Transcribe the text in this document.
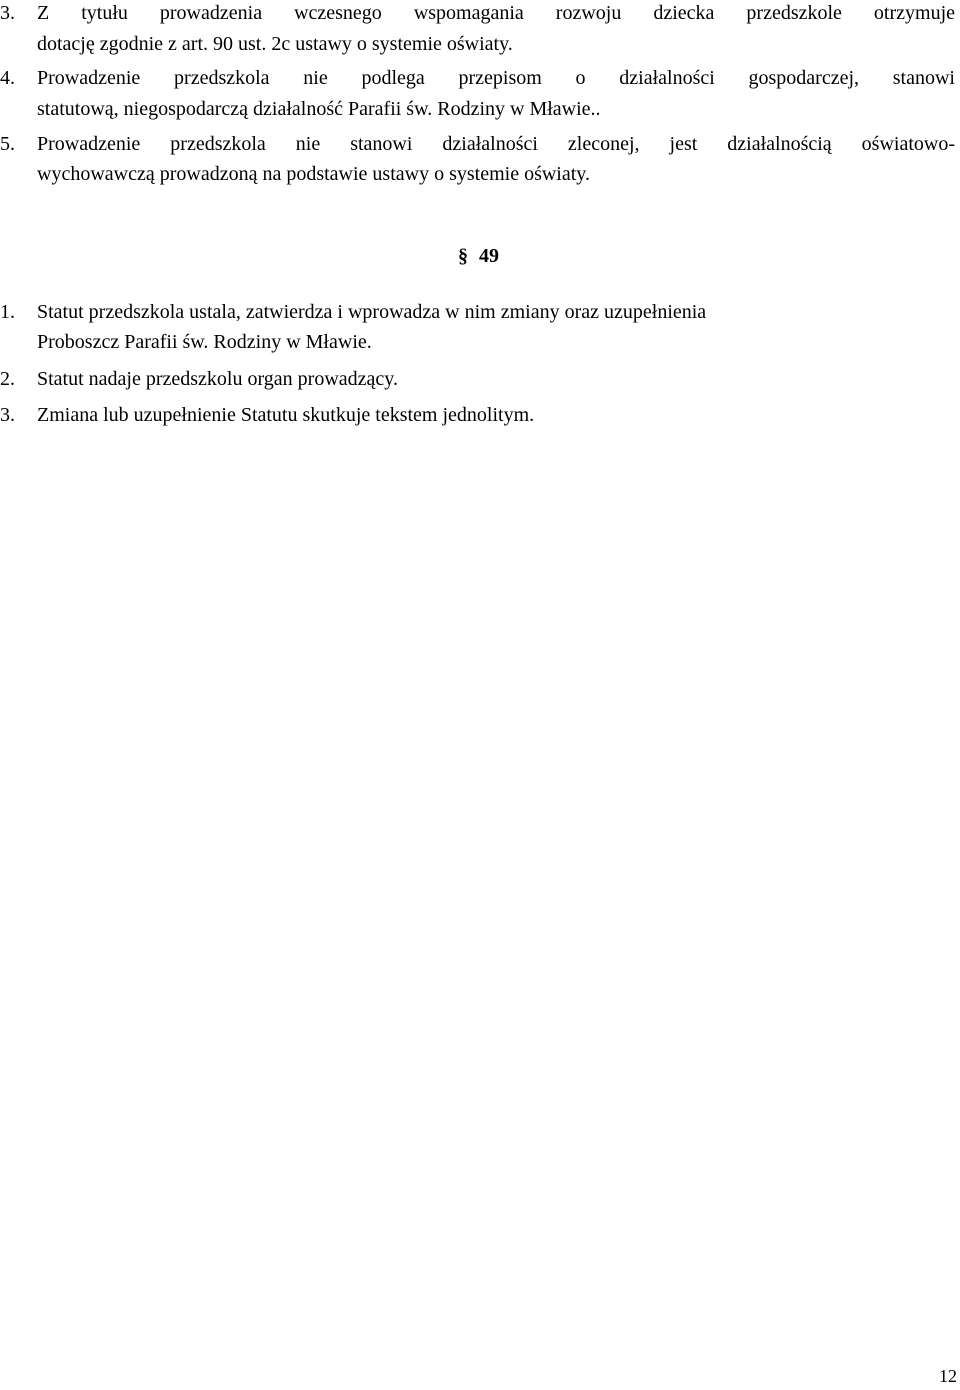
3. Z tytułu prowadzenia wczesnego wspomagania rozwoju dziecka przedszkole otrzymuje
dotację zgodnie z art. 90 ust. 2c ustawy o systemie oświaty.
4. Prowadzenie przedszkola nie podlega przepisom o działalności gospodarczej, stanowi
statutową, niegospodarczą działalność Parafii św. Rodziny w Mławie..
5. Prowadzenie przedszkola nie stanowi działalności zleconej, jest działalnością oświatowo-
wychowawczą prowadzoną na podstawie ustawy o systemie oświaty.
§ 49
1. Statut przedszkola ustala, zatwierdza i wprowadza w nim zmiany oraz uzupełnienia
Proboszcz Parafii św. Rodziny w Mławie.
2. Statut nadaje przedszkolu organ prowadzący.
3. Zmiana lub uzupełnienie Statutu skutkuje tekstem jednolitym.
12
